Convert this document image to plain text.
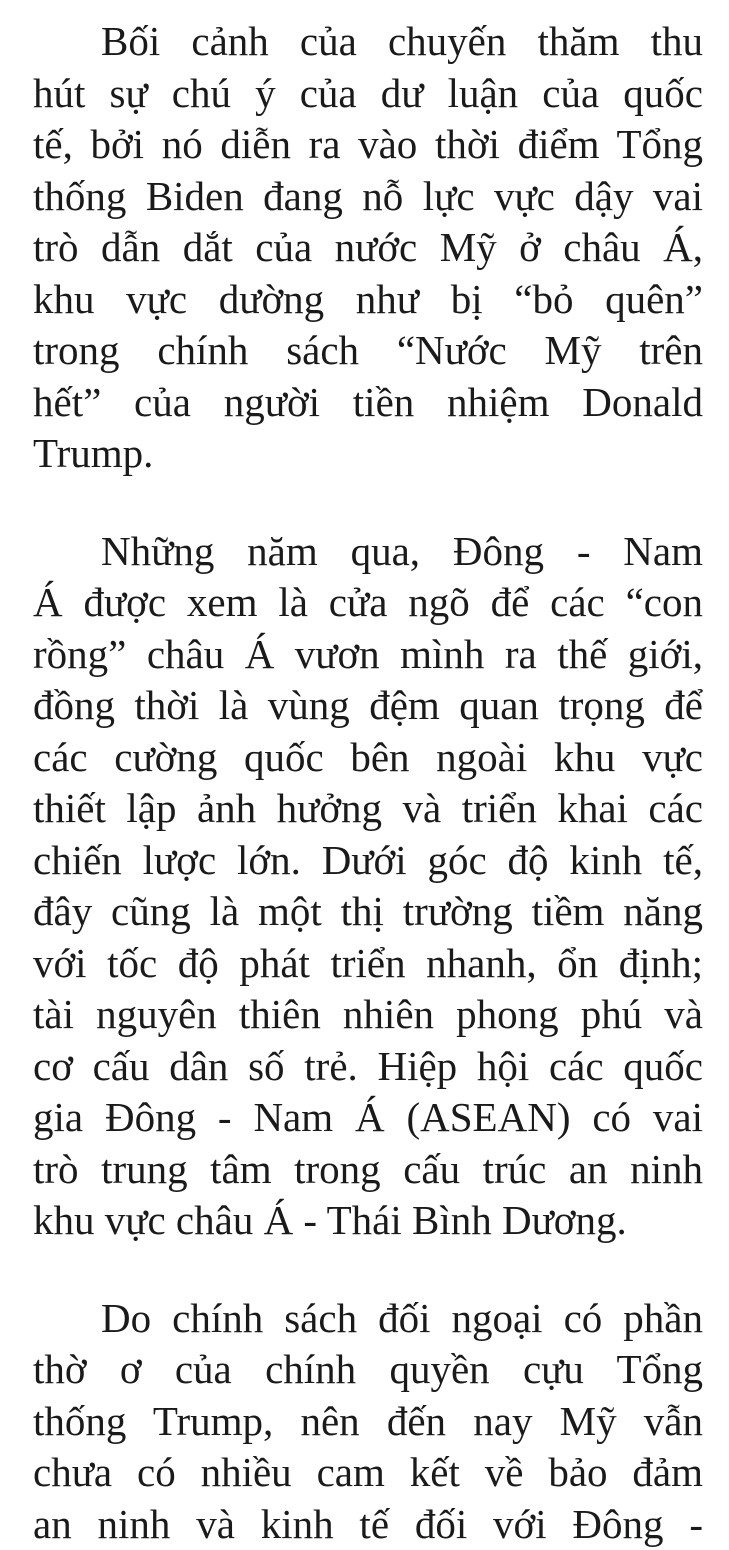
Bối cảnh của chuyến thăm thu
hút sự chú ý của dư luận của quốc
tế, bởi nó diễn ra vào thời điểm Tổng
thống Biden đang nỗ lực vực dậy vai
trò dẫn dắt của nước Mỹ ở châu Á,
khu vực dường như bị “bỏ quên”
trong chính sách “Nước Mỹ trên
hết” của người tiền nhiệm Donald
Trump.
Những năm qua, Đông - Nam
Á được xem là cửa ngõ để các “con
rồng” châu Á vươn mình ra thế giới,
đồng thời là vùng đệm quan trọng để
các cường quốc bên ngoài khu vực
thiết lập ảnh hưởng và triển khai các
chiến lược lớn. Dưới góc độ kinh tế,
đây cũng là một thị trường tiềm năng
với tốc độ phát triển nhanh, ổn định;
tài nguyên thiên nhiên phong phú và
cơ cấu dân số trẻ. Hiệp hội các quốc
gia Đông - Nam Á (ASEAN) có vai
trò trung tâm trong cấu trúc an ninh
khu vực châu Á - Thái Bình Dương.
Do chính sách đối ngoại có phần
thờ ơ của chính quyền cựu Tổng
thống Trump, nên đến nay Mỹ vẫn
chưa có nhiều cam kết về bảo đảm
an ninh và kinh tế đối với Đông -
